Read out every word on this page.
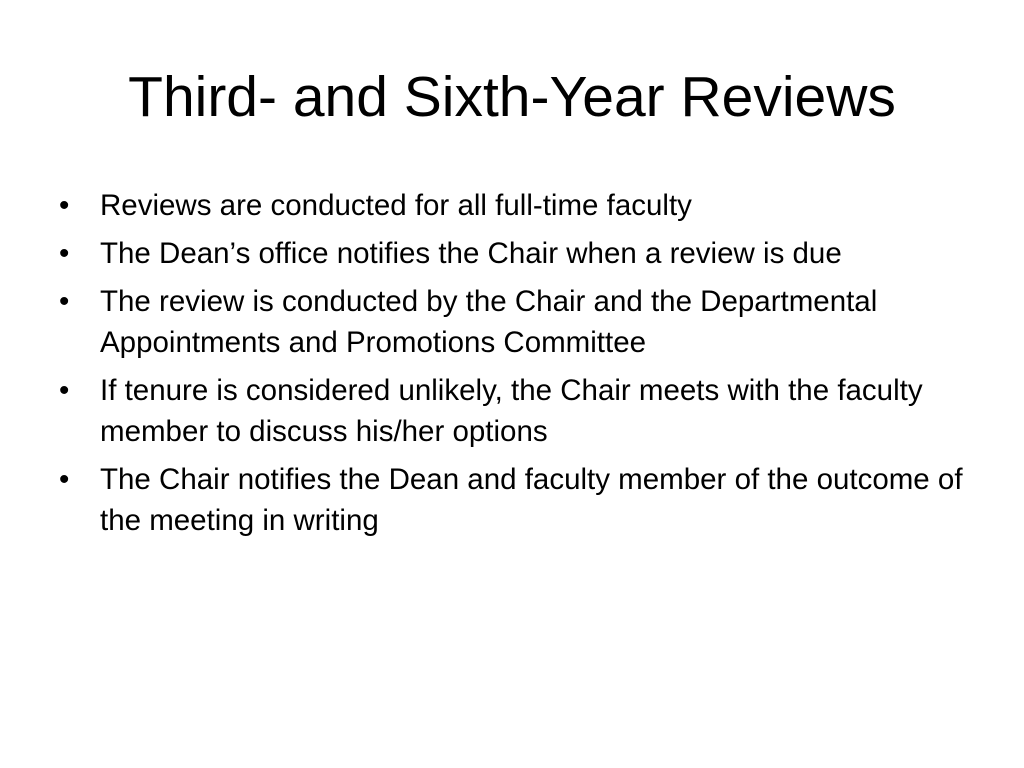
Third- and Sixth-Year Reviews
• Reviews are conducted for all full-time faculty
• The Dean’s office notifies the Chair when a review is due
• The review is conducted by the Chair and the Departmental Appointments and Promotions Committee
• If tenure is considered unlikely, the Chair meets with the faculty member to discuss his/her options
• The Chair notifies the Dean and faculty member of the outcome of the meeting in writing
